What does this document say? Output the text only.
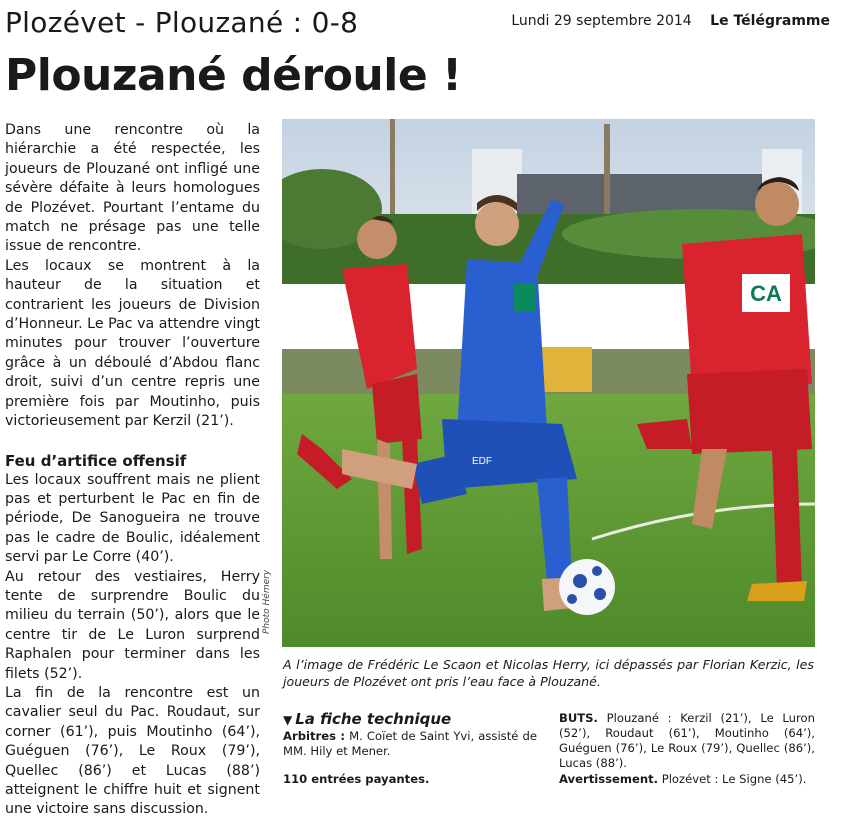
Plozévet - Plouzané : 0-8	Lundi 29 septembre 2014 Le Télégramme
Plouzané déroule !

Dans une rencontre où la hiérarchie a été respectée, les joueurs de Plouzané ont infligé une sévère défaite à leurs homologues de Plozévet. Pourtant l’entame du match ne présage pas une telle issue de rencontre.

Les locaux se montrent à la hauteur de la situation et contrarient les joueurs de Division d’Honneur. Le Pac va attendre vingt minutes pour trouver l’ouverture grâce à un déboulé d’Abdou flanc droit, suivi d’un centre repris une première fois par Moutinho, puis victorieusement par Kerzil (21’).

Feu d’artifice offensif

Les locaux souffrent mais ne plient pas et perturbent le Pac en fin de période, De Sanogueira ne trouve pas le cadre de Boulic, idéalement servi par Le Corre (40’).

Au retour des vestiaires, Herry tente de surprendre Boulic du milieu du terrain (50’), alors que le centre tir de Le Luron surprend Raphalen pour terminer dans les filets (52’).

La fin de la rencontre est un cavalier seul du Pac. Roudaut, sur corner (61’), puis Moutinho (64’), Guéguen (76’), Le Roux (79’), Quellec (86’) et Lucas (88’) atteignent le chiffre huit et signent une victoire sans discussion.

Photo Hémery
CA
EDF
A l’image de Frédéric Le Scaon et Nicolas Herry, ici dépassés par Florian Kerzic, les joueurs de Plozévet ont pris l’eau face à Plouzané.
▼ La fiche technique
Arbitres : M. Coïet de Saint Yvi, assisté de MM. Hily et Mener.
110 entrées payantes.
BUTS. Plouzané : Kerzil (21’), Le Luron (52’), Roudaut (61’), Moutinho (64’), Guéguen (76’), Le Roux (79’), Quellec (86’), Lucas (88’).
Avertissement. Plozévet : Le Signe (45’).
